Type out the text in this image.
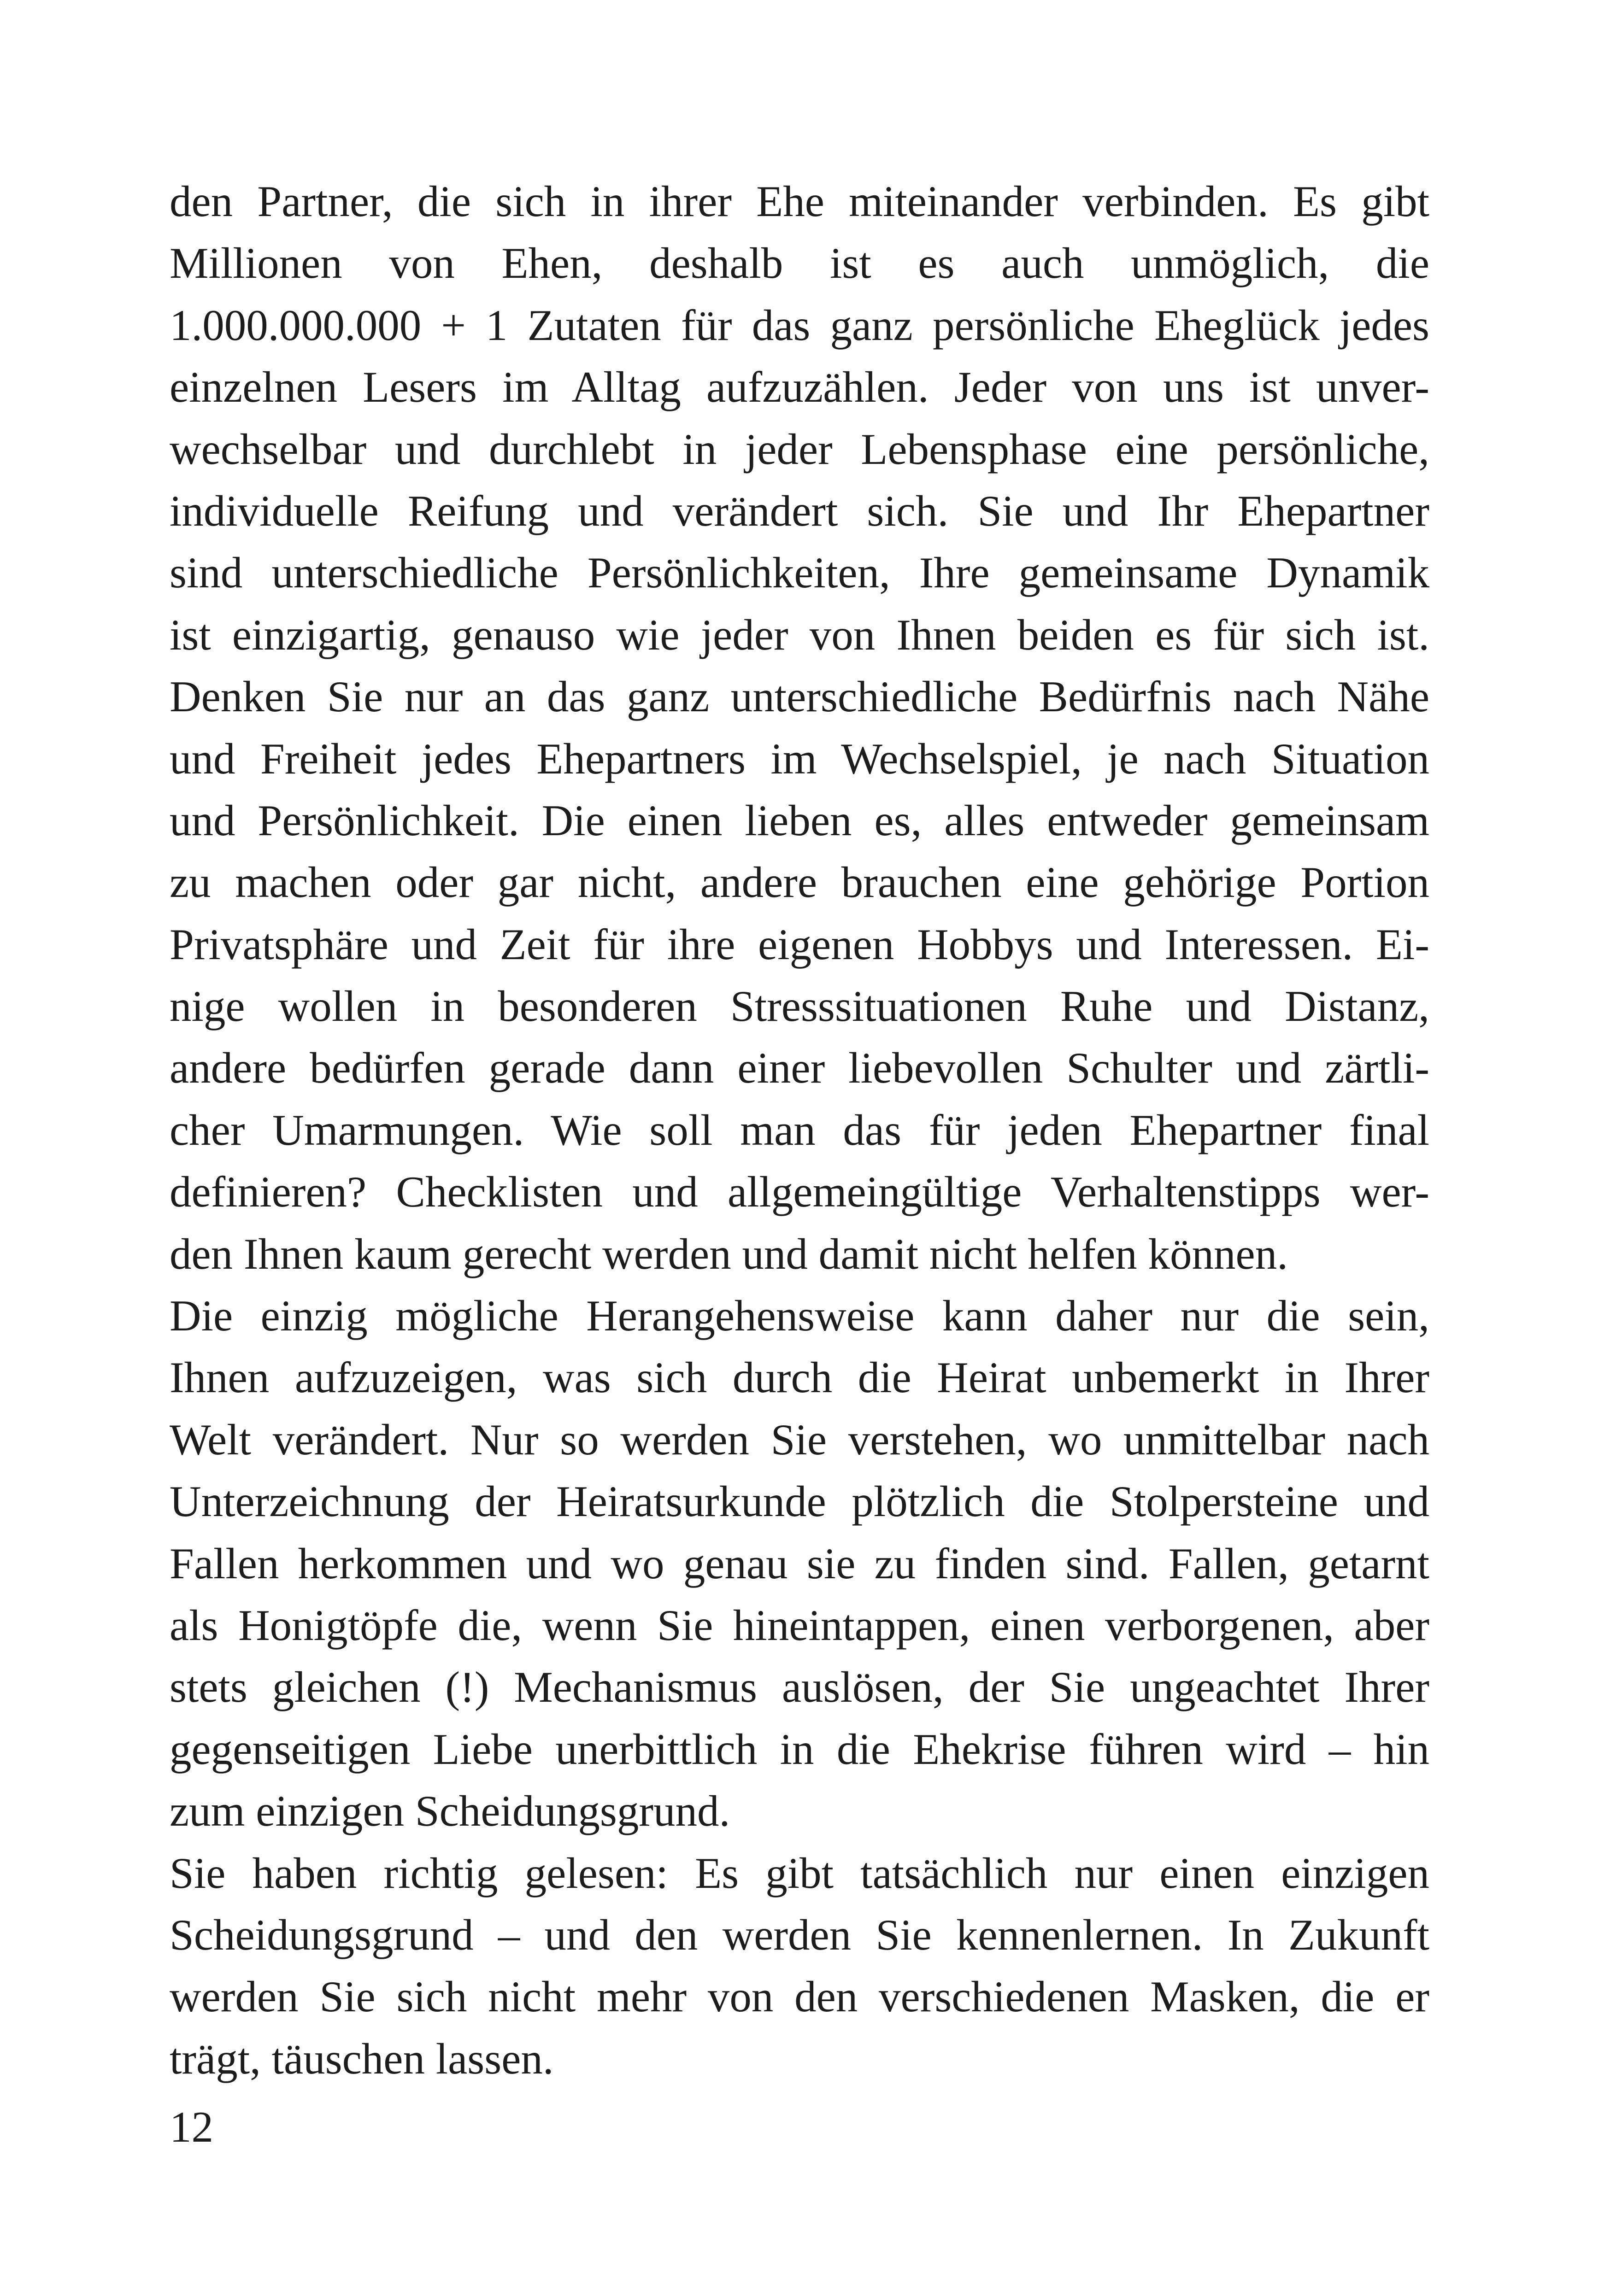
den Partner, die sich in ihrer Ehe miteinander verbinden. Es gibt
Millionen von Ehen, deshalb ist es auch unmöglich, die
1.000.000.000 + 1 Zutaten für das ganz persönliche Eheglück jedes
einzelnen Lesers im Alltag aufzuzählen. Jeder von uns ist unver-
wechselbar und durchlebt in jeder Lebensphase eine persönliche,
individuelle Reifung und verändert sich. Sie und Ihr Ehepartner
sind unterschiedliche Persönlichkeiten, Ihre gemeinsame Dynamik
ist einzigartig, genauso wie jeder von Ihnen beiden es für sich ist.
Denken Sie nur an das ganz unterschiedliche Bedürfnis nach Nähe
und Freiheit jedes Ehepartners im Wechselspiel, je nach Situation
und Persönlichkeit. Die einen lieben es, alles entweder gemeinsam
zu machen oder gar nicht, andere brauchen eine gehörige Portion
Privatsphäre und Zeit für ihre eigenen Hobbys und Interessen. Ei-
nige wollen in besonderen Stresssituationen Ruhe und Distanz,
andere bedürfen gerade dann einer liebevollen Schulter und zärtli-
cher Umarmungen. Wie soll man das für jeden Ehepartner final
definieren? Checklisten und allgemeingültige Verhaltenstipps wer-
den Ihnen kaum gerecht werden und damit nicht helfen können.
Die einzig mögliche Herangehensweise kann daher nur die sein,
Ihnen aufzuzeigen, was sich durch die Heirat unbemerkt in Ihrer
Welt verändert. Nur so werden Sie verstehen, wo unmittelbar nach
Unterzeichnung der Heiratsurkunde plötzlich die Stolpersteine und
Fallen herkommen und wo genau sie zu finden sind. Fallen, getarnt
als Honigtöpfe die, wenn Sie hineintappen, einen verborgenen, aber
stets gleichen (!) Mechanismus auslösen, der Sie ungeachtet Ihrer
gegenseitigen Liebe unerbittlich in die Ehekrise führen wird – hin
zum einzigen Scheidungsgrund.
Sie haben richtig gelesen: Es gibt tatsächlich nur einen einzigen
Scheidungsgrund – und den werden Sie kennenlernen. In Zukunft
werden Sie sich nicht mehr von den verschiedenen Masken, die er
trägt, täuschen lassen.
12
